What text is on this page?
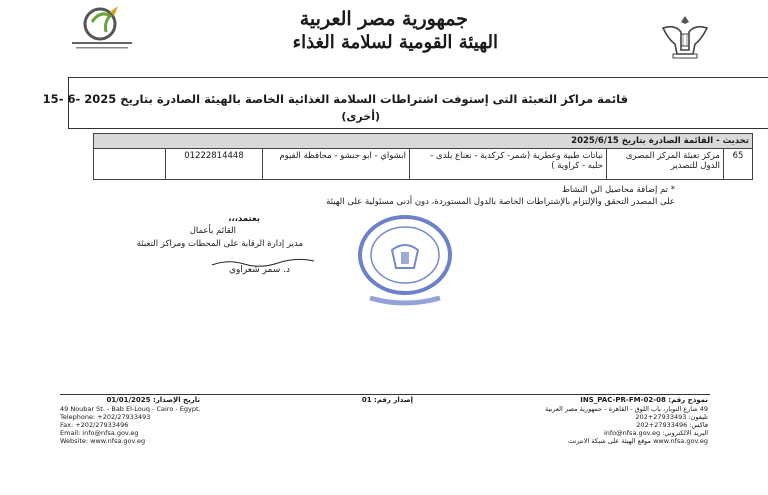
جمهورية مصر العربية
الهيئة القومية لسلامة الغذاء
قائمة مراكز التعبئة التى إستوفت اشتراطات السلامة الغذائية الخاصة بالهيئة الصادرة بتاريخ 2025 -6 -15
(أخرى)
تحديث - القائمة الصادرة بتاريخ 2025/6/15
65	مركز تعبئة المركز المصرى الدول للتصدير	نباتات طبية وعطرية (شمر- كركدية - نعناع بلدى - حلبه - كراوية )	ابشواي - ابو جنشو - محافظة الفيوم	01222814448	
* تم إضافة محاصيل الي النشاط
على المصدر التحقق والإلتزام بالإشتراطات الخاصة بالدول المستوردة، دون أدنى مسئولية على الهيئة
يعتمد،،،
القائم بأعمال
مدير إدارة الرقابة على المحطات ومراكز التعبئة
د. سمر شعراوي
نموذج رقم: INS_PAC-PR-FM-02-08
49 شارع النوبار، باب اللوق - القاهرة - جمهورية مصر العربية
تليفون: 27933493+202
فاكس: 27933496+202
البريد الالكتروني: info@nfsa.gov.eg
www.nfsa.gov.eg موقع الهيئة على شبكة الانترنت
إصدار رقم: 01
تاريخ الإصدار: 01/01/2025
49 Noubar St. - Bab El-Louq - Cairo - Egypt.
Telephone: +202/27933493
Fax: +202/27933496
Email: info@nfsa.gov.eg
Website: www.nfsa.gov.eg
